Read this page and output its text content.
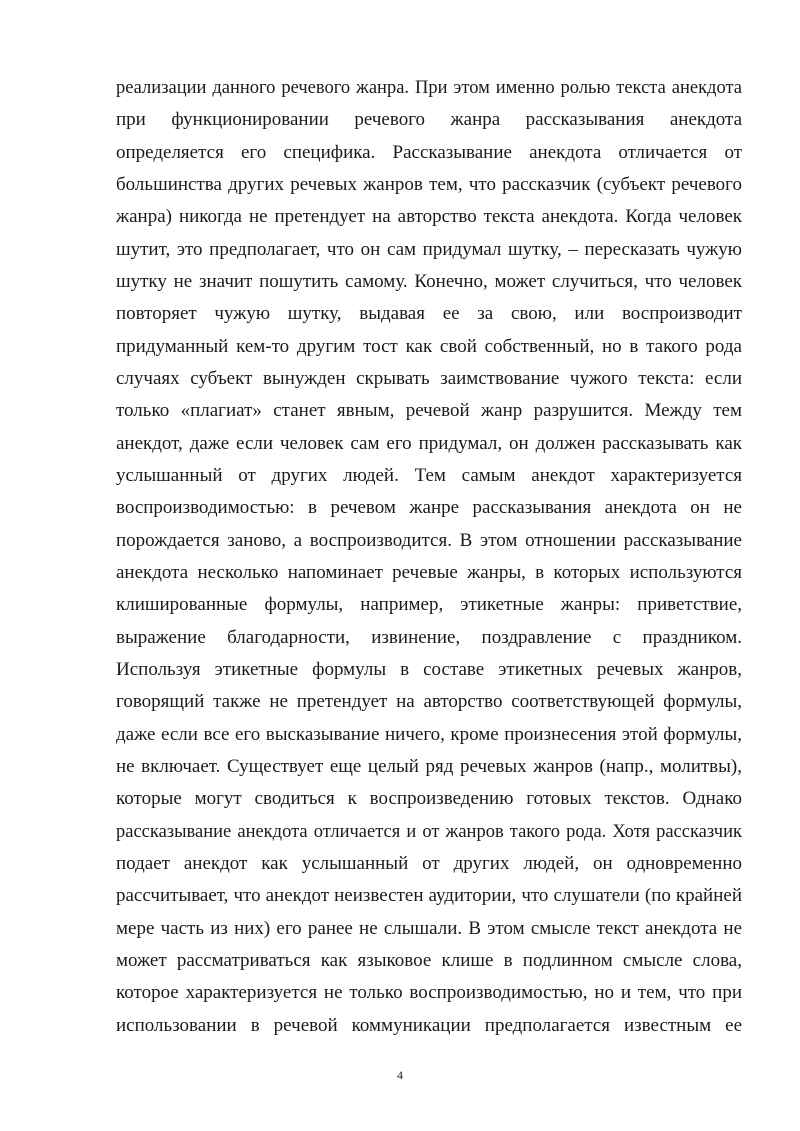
реализации данного речевого жанра. При этом именно ролью текста анекдота
при функционировании речевого жанра рассказывания анекдота
определяется его специфика. Рассказывание анекдота отличается от
большинства других речевых жанров тем, что рассказчик (субъект речевого
жанра) никогда не претендует на авторство текста анекдота. Когда человек
шутит, это предполагает, что он сам придумал шутку, – пересказать чужую
шутку не значит пошутить самому. Конечно, может случиться, что человек
повторяет чужую шутку, выдавая ее за свою, или воспроизводит
придуманный кем-то другим тост как свой собственный, но в такого рода
случаях субъект вынужден скрывать заимствование чужого текста: если
только «плагиат» станет явным, речевой жанр разрушится. Между тем
анекдот, даже если человек сам его придумал, он должен рассказывать как
услышанный от других людей. Тем самым анекдот характеризуется
воспроизводимостью: в речевом жанре рассказывания анекдота он не
порождается заново, а воспроизводится. В этом отношении рассказывание
анекдота несколько напоминает речевые жанры, в которых используются
клишированные формулы, например, этикетные жанры: приветствие,
выражение благодарности, извинение, поздравление с праздником.
Используя этикетные формулы в составе этикетных речевых жанров,
говорящий также не претендует на авторство соответствующей формулы,
даже если все его высказывание ничего, кроме произнесения этой формулы,
не включает. Существует еще целый ряд речевых жанров (напр., молитвы),
которые могут сводиться к воспроизведению готовых текстов. Однако
рассказывание анекдота отличается и от жанров такого рода. Хотя рассказчик
подает анекдот как услышанный от других людей, он одновременно
рассчитывает, что анекдот неизвестен аудитории, что слушатели (по крайней
мере часть из них) его ранее не слышали. В этом смысле текст анекдота не
может рассматриваться как языковое клише в подлинном смысле слова,
которое характеризуется не только воспроизводимостью, но и тем, что при
использовании в речевой коммуникации предполагается известным ее
4
